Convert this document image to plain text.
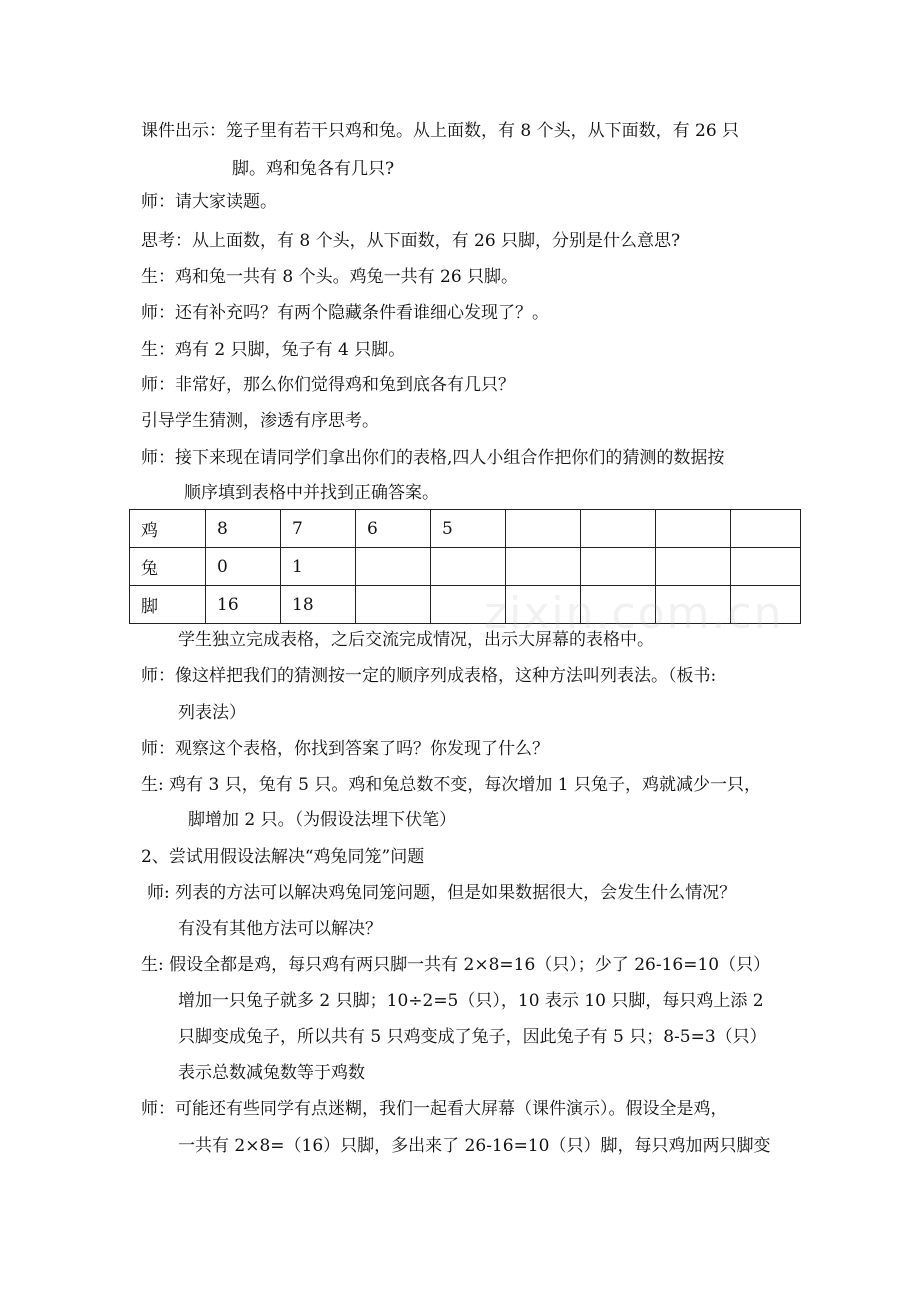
课件出示：笼子里有若干只鸡和兔。从上面数，有 8 个头，从下面数，有 26 只
脚。鸡和兔各有几只?
师：请大家读题。
思考：从上面数，有 8 个头，从下面数，有 26 只脚，分别是什么意思?
生：鸡和兔一共有 8 个头。鸡兔一共有 26 只脚。
师：还有补充吗？有两个隐藏条件看谁细心发现了？。
生：鸡有 2 只脚，兔子有 4 只脚。
师：非常好，那么你们觉得鸡和兔到底各有几只？
引导学生猜测，渗透有序思考。
师：接下来现在请同学们拿出你们的表格,四人小组合作把你们的猜测的数据按
顺序填到表格中并找到正确答案。
鸡	8	7	6	5				
兔	0	1						
脚	16	18							zixin.com.cn
学生独立完成表格，之后交流完成情况，出示大屏幕的表格中。
师：像这样把我们的猜测按一定的顺序列成表格，这种方法叫列表法。（板书:
列表法）
师：观察这个表格，你找到答案了吗？你发现了什么？
生: 鸡有 3 只，兔有 5 只。鸡和兔总数不变，每次增加 1 只兔子，鸡就减少一只，
脚增加 2 只。（为假设法埋下伏笔）
2、尝试用假设法解决“鸡兔同笼”问题
师: 列表的方法可以解决鸡兔同笼问题，但是如果数据很大，会发生什么情况？
有没有其他方法可以解决？
生: 假设全都是鸡，每只鸡有两只脚一共有 2×8=16（只）；少了 26-16=10（只）
增加一只兔子就多 2 只脚；10÷2=5（只），10 表示 10 只脚，每只鸡上添 2
只脚变成兔子，所以共有 5 只鸡变成了兔子，因此兔子有 5 只；8-5=3（只）
表示总数减兔数等于鸡数
师：可能还有些同学有点迷糊，我们一起看大屏幕（课件演示）。假设全是鸡，
一共有 2×8=（16）只脚，多出来了 26-16=10（只）脚，每只鸡加两只脚变
